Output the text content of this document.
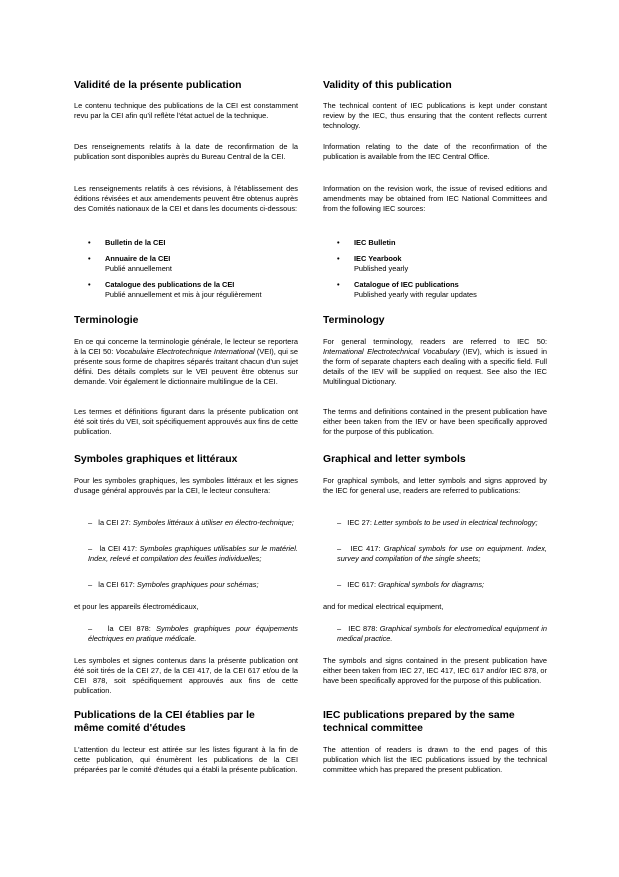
Validité de la présente publication

Le contenu technique des publications de la CEI est constamment revu par la CEI afin qu'il reflète l'état actuel de la technique.

Des renseignements relatifs à la date de reconfirmation de la publication sont disponibles auprès du Bureau Central de la CEI.

Les renseignements relatifs à ces révisions, à l'établissement des éditions révisées et aux amendements peuvent être obtenus auprès des Comités nationaux de la CEI et dans les documents ci-dessous:

• Bulletin de la CEI
• Annuaire de la CEI
Publié annuellement
• Catalogue des publications de la CEI
Publié annuellement et mis à jour régulièrement
Terminologie

En ce qui concerne la terminologie générale, le lecteur se reportera à la CEI 50: Vocabulaire Electrotechnique International (VEI), qui se présente sous forme de chapitres séparés traitant chacun d'un sujet défini. Des détails complets sur le VEI peuvent être obtenus sur demande. Voir également le dictionnaire multilingue de la CEI.

Les termes et définitions figurant dans la présente publication ont été soit tirés du VEI, soit spécifiquement approuvés aux fins de cette publication.

Symboles graphiques et littéraux

Pour les symboles graphiques, les symboles littéraux et les signes d'usage général approuvés par la CEI, le lecteur consultera:

– la CEI 27: Symboles littéraux à utiliser en électro-technique;

– la CEI 417: Symboles graphiques utilisables sur le matériel. Index, relevé et compilation des feuilles individuelles;

– la CEI 617: Symboles graphiques pour schémas;

et pour les appareils électromédicaux,

– la CEI 878: Symboles graphiques pour équipements électriques en pratique médicale.

Les symboles et signes contenus dans la présente publication ont été soit tirés de la CEI 27, de la CEI 417, de la CEI 617 et/ou de la CEI 878, soit spécifiquement approuvés aux fins de cette publication.

Publications de la CEI établies par le
même comité d'études

L'attention du lecteur est attirée sur les listes figurant à la fin de cette publication, qui énumèrent les publications de la CEI préparées par le comité d'études qui a établi la présente publication.

Validity of this publication

The technical content of IEC publications is kept under constant review by the IEC, thus ensuring that the content reflects current technology.

Information relating to the date of the reconfirmation of the publication is available from the IEC Central Office.

Information on the revision work, the issue of revised editions and amendments may be obtained from IEC National Committees and from the following IEC sources:

• IEC Bulletin
• IEC Yearbook
Published yearly
• Catalogue of IEC publications
Published yearly with regular updates
Terminology

For general terminology, readers are referred to IEC 50: International Electrotechnical Vocabulary (IEV), which is issued in the form of separate chapters each dealing with a specific field. Full details of the IEV will be supplied on request. See also the IEC Multilingual Dictionary.

The terms and definitions contained in the present publication have either been taken from the IEV or have been specifically approved for the purpose of this publication.

Graphical and letter symbols

For graphical symbols, and letter symbols and signs approved by the IEC for general use, readers are referred to publications:

– IEC 27: Letter symbols to be used in electrical technology;

– IEC 417: Graphical symbols for use on equipment. Index, survey and compilation of the single sheets;

– IEC 617: Graphical symbols for diagrams;

and for medical electrical equipment,

– IEC 878: Graphical symbols for electromedical equipment in medical practice.

The symbols and signs contained in the present publication have either been taken from IEC 27, IEC 417, IEC 617 and/or IEC 878, or have been specifically approved for the purpose of this publication.

IEC publications prepared by the same
technical committee

The attention of readers is drawn to the end pages of this publication which list the IEC publications issued by the technical committee which has prepared the present publication.
